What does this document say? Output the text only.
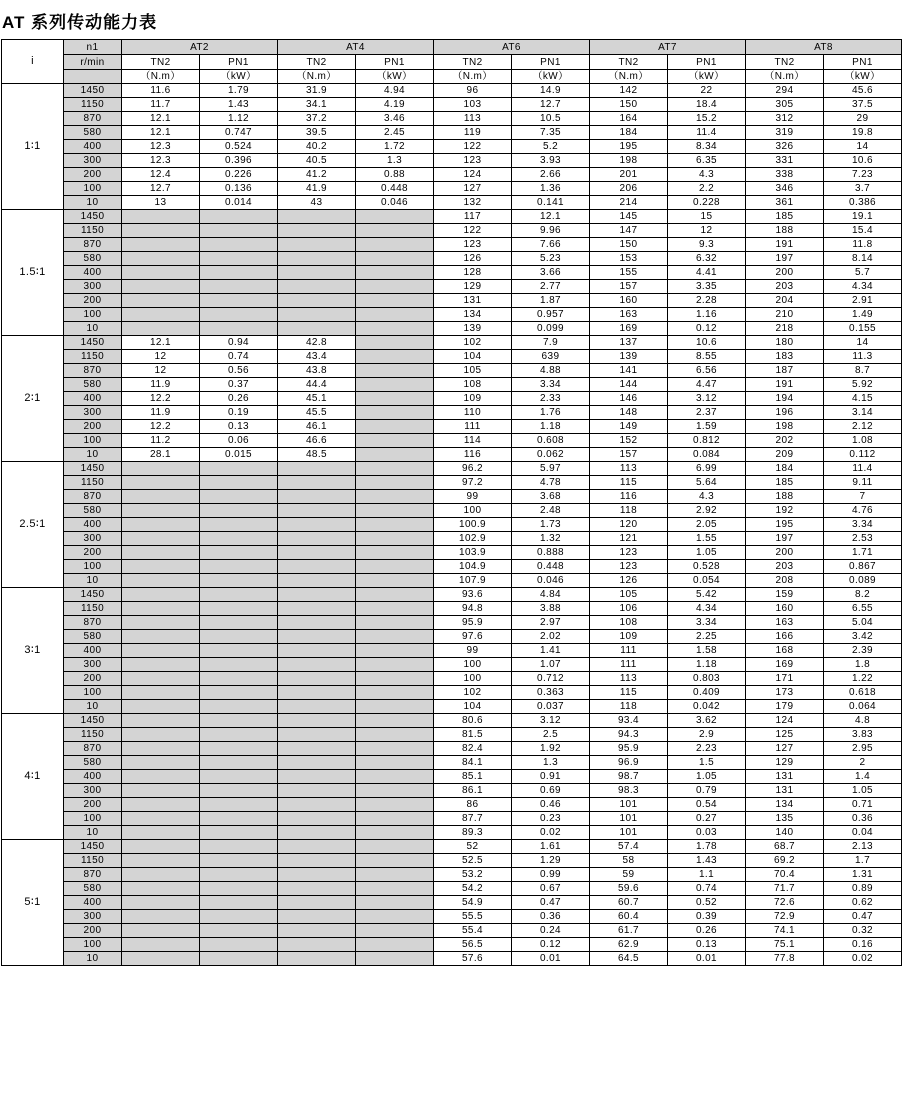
AT 系列传动能力表
i	n1	AT2		AT4		AT6		AT7		AT8	
	r/min	TN2	PN1	TN2	PN1	TN2	PN1	TN2	PN1	TN2	PN1
		（N.m）	（kW）	（N.m）	（kW）	（N.m）	（kW）	（N.m）	（kW）	（N.m）	（kW）
1∶1	1450	11.6	1.79	31.9	4.94	96	14.9	142	22	294	45.6
	1150	11.7	1.43	34.1	4.19	103	12.7	150	18.4	305	37.5
	870	12.1	1.12	37.2	3.46	113	10.5	164	15.2	312	29
	580	12.1	0.747	39.5	2.45	119	7.35	184	11.4	319	19.8
	400	12.3	0.524	40.2	1.72	122	5.2	195	8.34	326	14
	300	12.3	0.396	40.5	1.3	123	3.93	198	6.35	331	10.6
	200	12.4	0.226	41.2	0.88	124	2.66	201	4.3	338	7.23
	100	12.7	0.136	41.9	0.448	127	1.36	206	2.2	346	3.7
	10	13	0.014	43	0.046	132	0.141	214	0.228	361	0.386
1.5∶1	1450					117	12.1	145	15	185	19.1
	1150					122	9.96	147	12	188	15.4
	870					123	7.66	150	9.3	191	11.8
	580					126	5.23	153	6.32	197	8.14
	400					128	3.66	155	4.41	200	5.7
	300					129	2.77	157	3.35	203	4.34
	200					131	1.87	160	2.28	204	2.91
	100					134	0.957	163	1.16	210	1.49
	10					139	0.099	169	0.12	218	0.155
2∶1	1450	12.1	0.94	42.8		102	7.9	137	10.6	180	14
	1150	12	0.74	43.4		104	639	139	8.55	183	11.3
	870	12	0.56	43.8		105	4.88	141	6.56	187	8.7
	580	11.9	0.37	44.4		108	3.34	144	4.47	191	5.92
	400	12.2	0.26	45.1		109	2.33	146	3.12	194	4.15
	300	11.9	0.19	45.5		110	1.76	148	2.37	196	3.14
	200	12.2	0.13	46.1		111	1.18	149	1.59	198	2.12
	100	11.2	0.06	46.6		114	0.608	152	0.812	202	1.08
	10	28.1	0.015	48.5		116	0.062	157	0.084	209	0.112
2.5∶1	1450					96.2	5.97	113	6.99	184	11.4
	1150					97.2	4.78	115	5.64	185	9.11
	870					99	3.68	116	4.3	188	7
	580					100	2.48	118	2.92	192	4.76
	400					100.9	1.73	120	2.05	195	3.34
	300					102.9	1.32	121	1.55	197	2.53
	200					103.9	0.888	123	1.05	200	1.71
	100					104.9	0.448	123	0.528	203	0.867
	10					107.9	0.046	126	0.054	208	0.089
3∶1	1450					93.6	4.84	105	5.42	159	8.2
	1150					94.8	3.88	106	4.34	160	6.55
	870					95.9	2.97	108	3.34	163	5.04
	580					97.6	2.02	109	2.25	166	3.42
	400					99	1.41	111	1.58	168	2.39
	300					100	1.07	111	1.18	169	1.8
	200					100	0.712	113	0.803	171	1.22
	100					102	0.363	115	0.409	173	0.618
	10					104	0.037	118	0.042	179	0.064
4∶1	1450					80.6	3.12	93.4	3.62	124	4.8
	1150					81.5	2.5	94.3	2.9	125	3.83
	870					82.4	1.92	95.9	2.23	127	2.95
	580					84.1	1.3	96.9	1.5	129	2
	400					85.1	0.91	98.7	1.05	131	1.4
	300					86.1	0.69	98.3	0.79	131	1.05
	200					86	0.46	101	0.54	134	0.71
	100					87.7	0.23	101	0.27	135	0.36
	10					89.3	0.02	101	0.03	140	0.04
5∶1	1450					52	1.61	57.4	1.78	68.7	2.13
	1150					52.5	1.29	58	1.43	69.2	1.7
	870					53.2	0.99	59	1.1	70.4	1.31
	580					54.2	0.67	59.6	0.74	71.7	0.89
	400					54.9	0.47	60.7	0.52	72.6	0.62
	300					55.5	0.36	60.4	0.39	72.9	0.47
	200					55.4	0.24	61.7	0.26	74.1	0.32
	100					56.5	0.12	62.9	0.13	75.1	0.16
	10					57.6	0.01	64.5	0.01	77.8	0.02
